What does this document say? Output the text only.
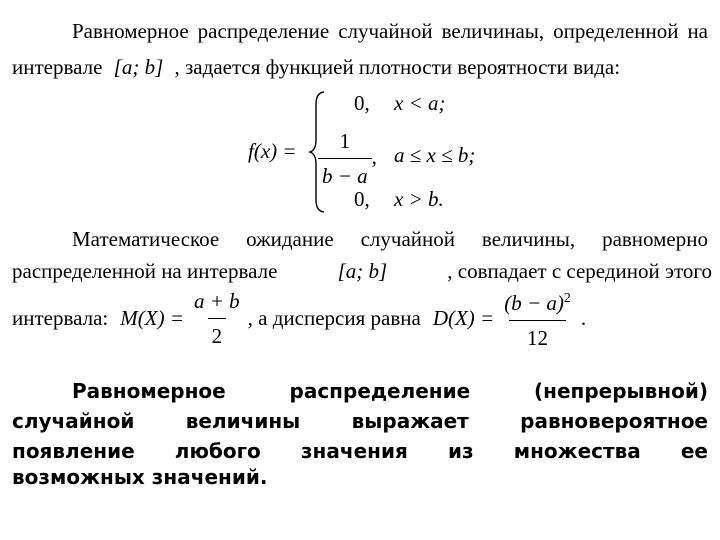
Равномерное распределение случайной величинаы, определенной на
интервале [a; b] , задается функцией плотности вероятности вида:
f(x) =
0, x < a;
$\frac{1}{b - a}$ , a ≤ x ≤ b;
0, x > b.
Математическое ожидание случайной величины, равномерно
распределенной на интервале	[a; b]	, совпадает с серединой этого
интервала: $M(X) = \frac{a + b}{2}$ , а дисперсия равна $D(X) = \frac{(b - a)^2}{12}$ .
Равномерное распределение (непрерывной)
случайной величины выражает равновероятное
появление любого значения из множества ее
возможных значений.
